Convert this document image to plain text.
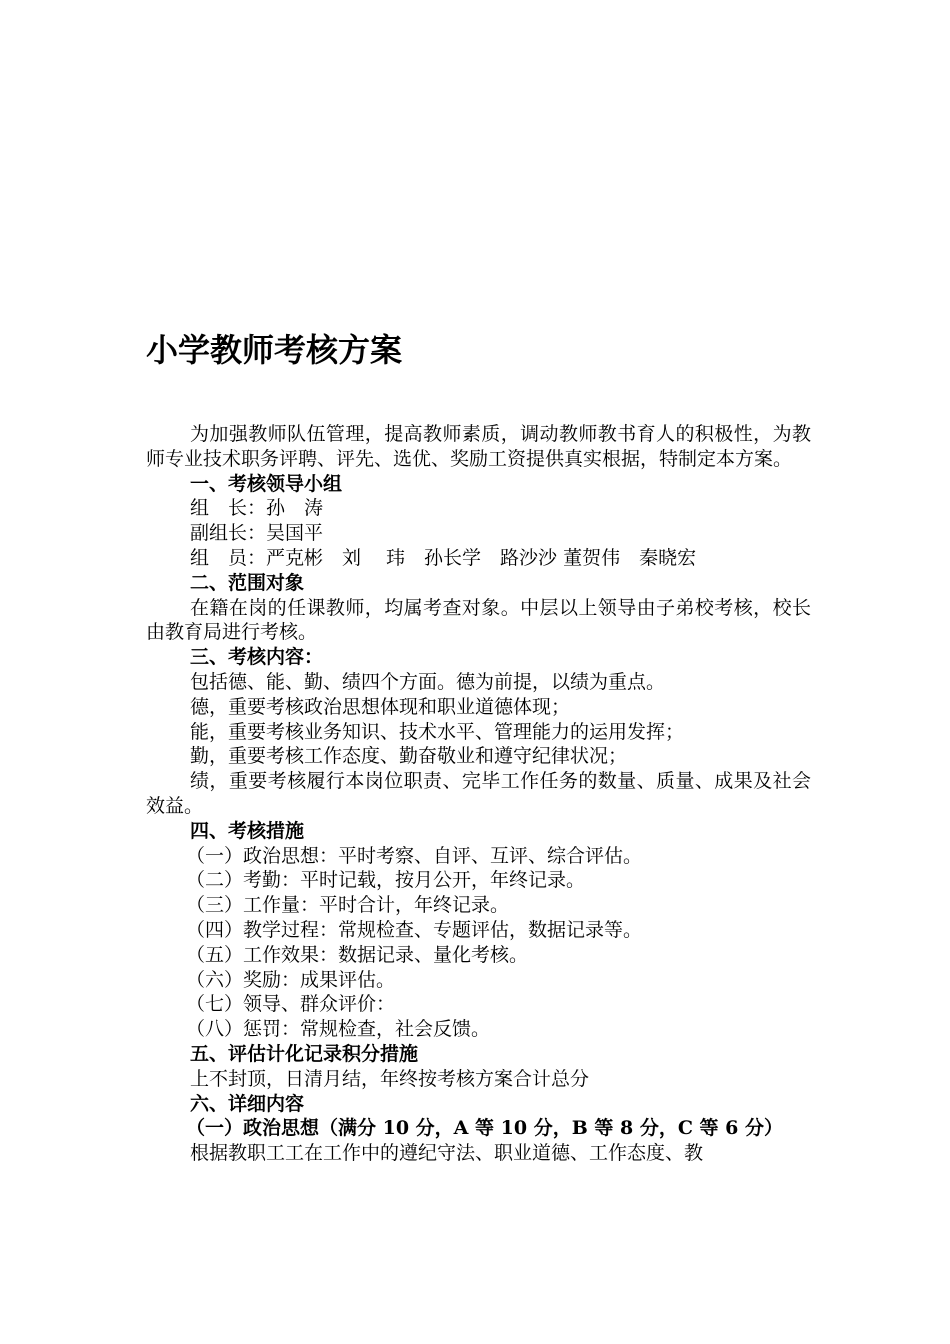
小学教师考核方案

为加强教师队伍管理，提高教师素质，调动教师教书育人的积极性，为教师专业技术职务评聘、评先、选优、奖励工资提供真实根据，特制定本方案。

一、考核领导小组

组　长：孙　涛

副组长：吴国平

组　员：严克彬　刘　 玮　孙长学　路沙沙 董贺伟　秦晓宏

二、范围对象

在籍在岗的任课教师，均属考查对象。中层以上领导由子弟校考核，校长由教育局进行考核。

三、考核内容：

包括德、能、勤、绩四个方面。德为前提，以绩为重点。

德，重要考核政治思想体现和职业道德体现；

能，重要考核业务知识、技术水平、管理能力的运用发挥；

勤，重要考核工作态度、勤奋敬业和遵守纪律状况；

绩，重要考核履行本岗位职责、完毕工作任务的数量、质量、成果及社会效益。

四、考核措施

（一）政治思想：平时考察、自评、互评、综合评估。

（二）考勤：平时记载，按月公开，年终记录。

（三）工作量：平时合计，年终记录。

（四）教学过程：常规检查、专题评估，数据记录等。

（五）工作效果：数据记录、量化考核。

（六）奖励：成果评估。

（七）领导、群众评价：

（八）惩罚：常规检查，社会反馈。

五、评估计化记录积分措施

上不封顶，日清月结，年终按考核方案合计总分

六、详细内容

（一）政治思想（满分 10 分，A 等 10 分，B 等 8 分，C 等 6 分）

根据教职工工在工作中的遵纪守法、职业道德、工作态度、教
